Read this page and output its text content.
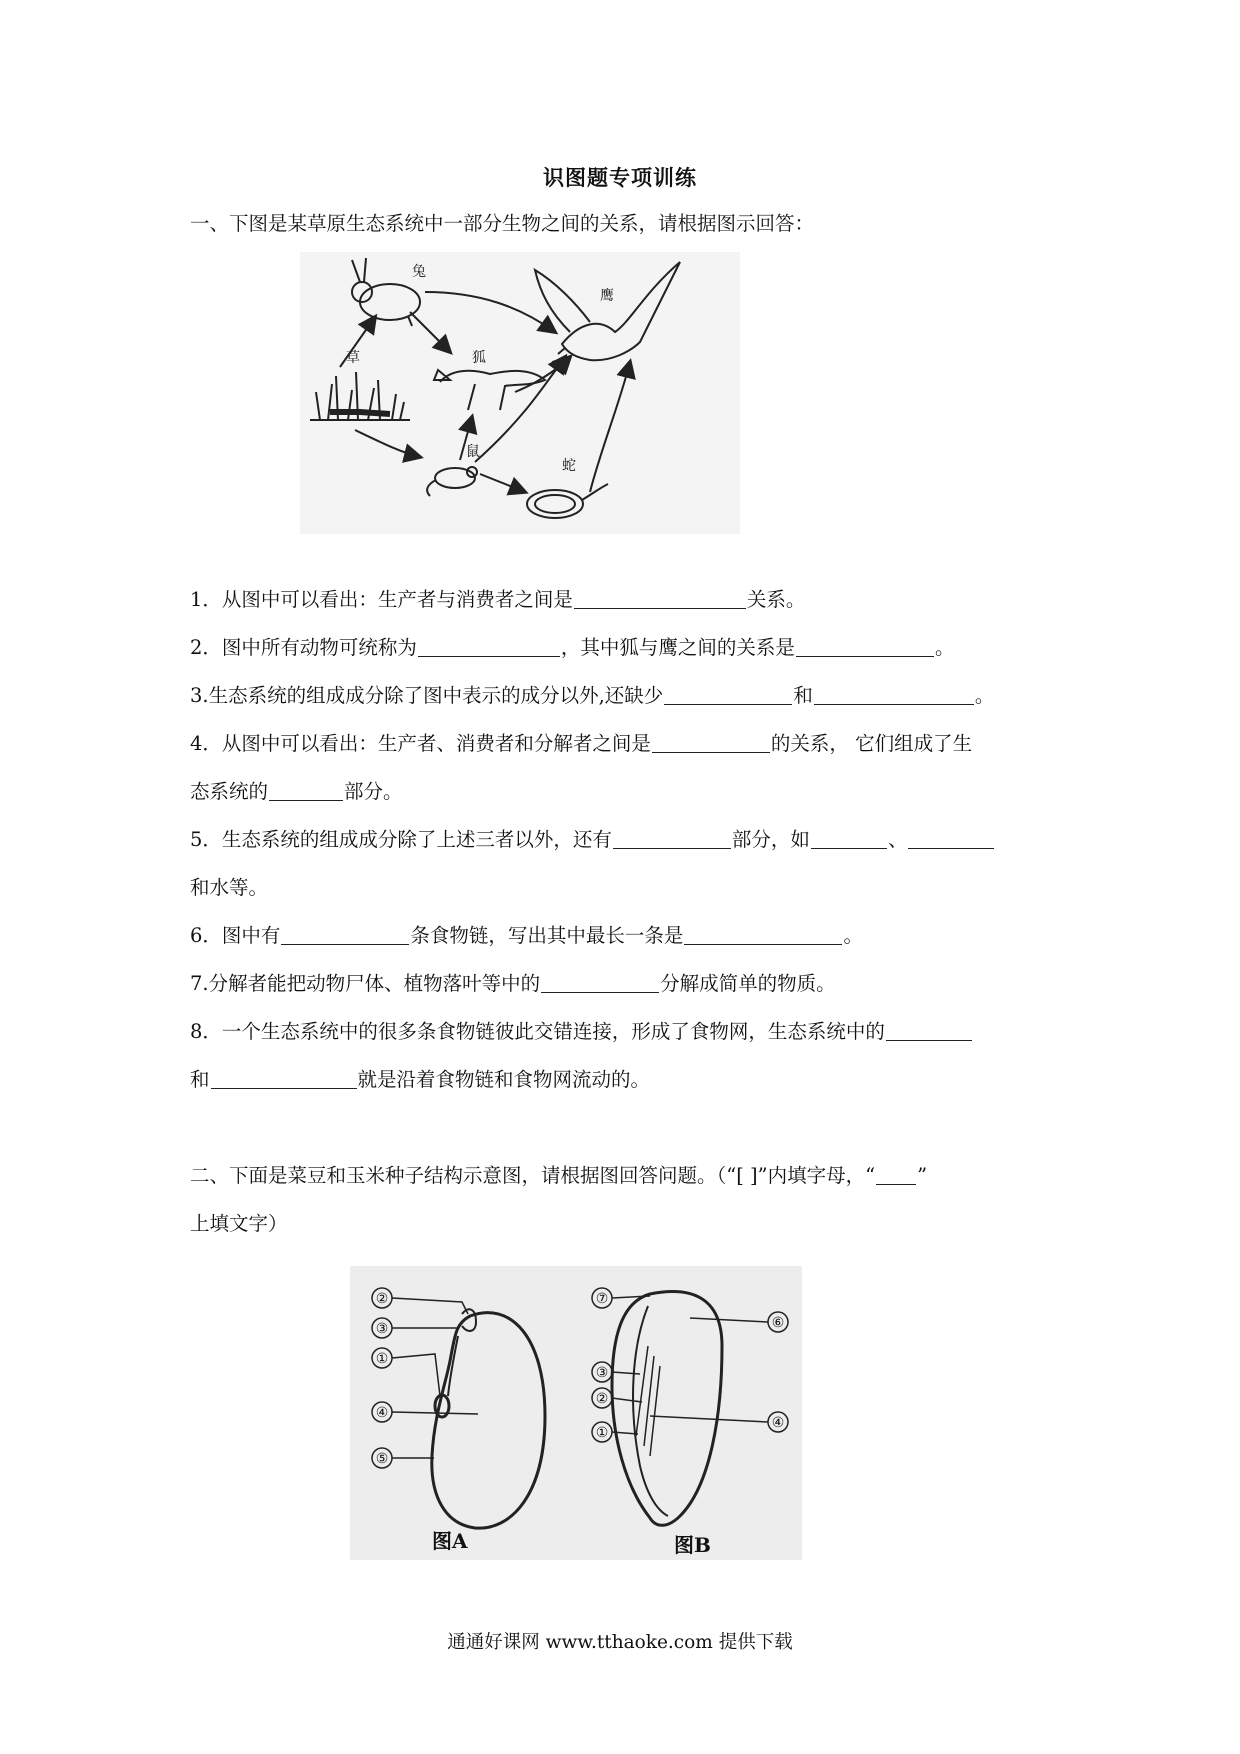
识图题专项训练
一、下图是某草原生态系统中一部分生物之间的关系，请根据图示回答：
兔
鹰
狐
草
鼠
蛇
1．从图中可以看出：生产者与消费者之间是	关系。
2．图中所有动物可统称为	，其中狐与鹰之间的关系是	。
3.生态系统的组成成分除了图中表示的成分以外,还缺少	和	。
4．从图中可以看出：生产者、消费者和分解者之间是	的关系， 它们组成了生
态系统的	部分。
5．生态系统的组成成分除了上述三者以外，还有	部分，如	、
和水等。
6．图中有	条食物链，写出其中最长一条是	。
7.分解者能把动物尸体、植物落叶等中的	分解成简单的物质。
8．一个生态系统中的很多条食物链彼此交错连接，形成了食物网，生态系统中的
和	就是沿着食物链和食物网流动的。
二、下面是菜豆和玉米种子结构示意图，请根据图回答问题。（“[ ]”内填字母，“ ”
上填文字）
②
③
①
④
⑤
图A
⑦
⑥
③
②
④
①
图B
通通好课网 www.tthaoke.com 提供下载
